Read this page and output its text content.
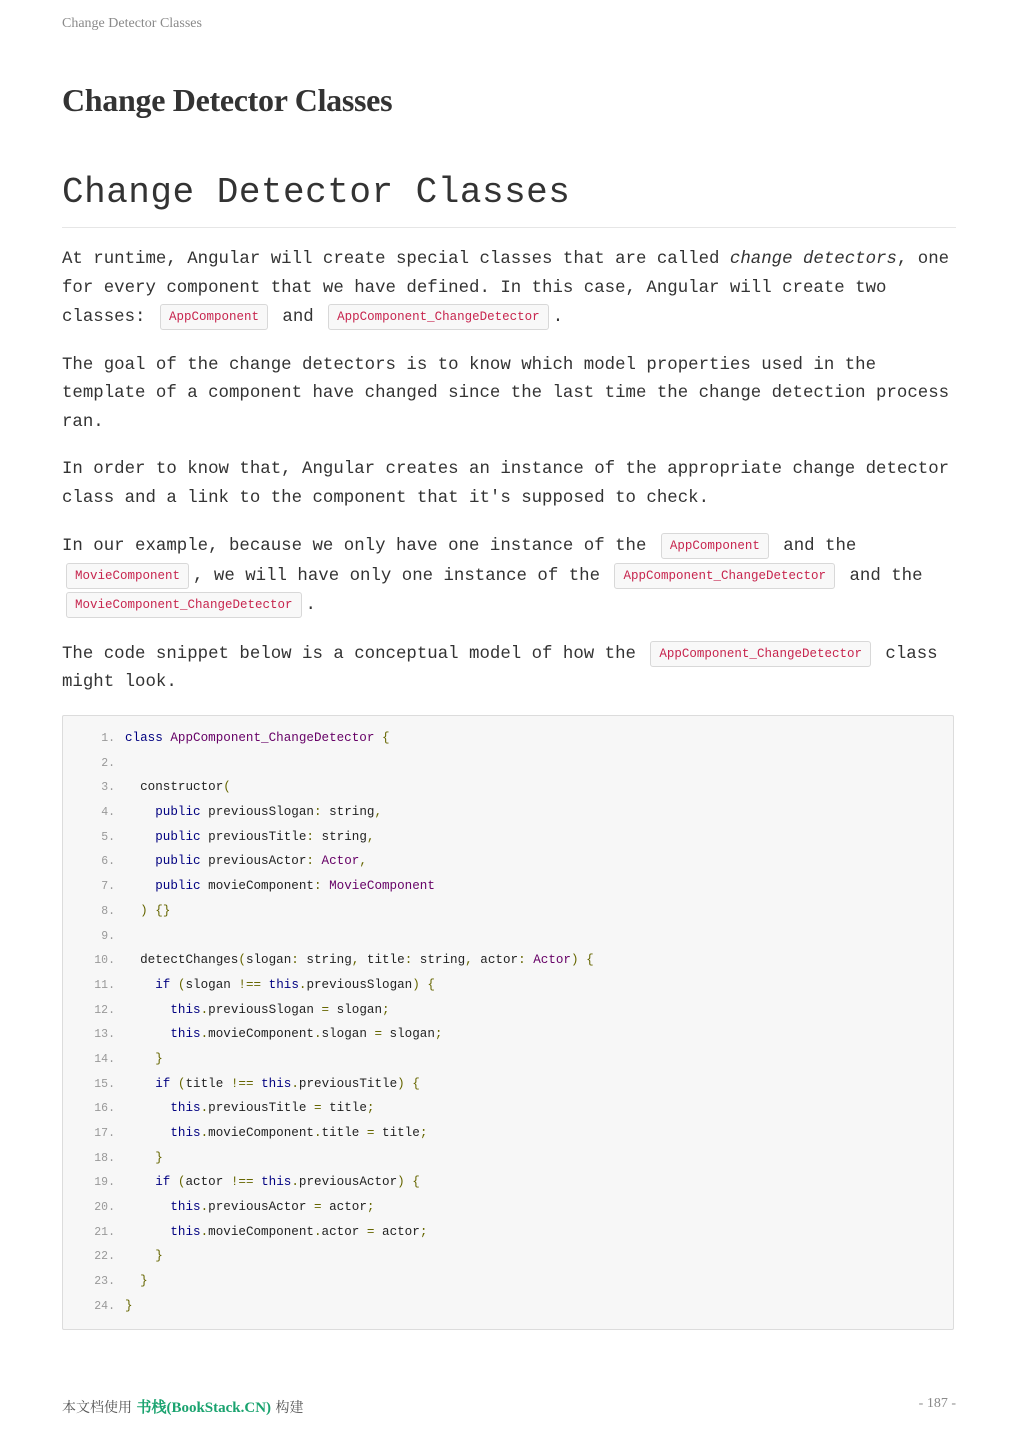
Change Detector Classes
Change Detector Classes
Change Detector Classes

At runtime, Angular will create special classes that are called change detectors, one for every component that we have defined. In this case, Angular will create two classes: AppComponent and AppComponent_ChangeDetector .

The goal of the change detectors is to know which model properties used in the template of a component have changed since the last time the change detection process ran.

In order to know that, Angular creates an instance of the appropriate change detector class and a link to the component that it's supposed to check.

In our example, because we only have one instance of the AppComponent and the MovieComponent , we will have only one instance of the AppComponent_ChangeDetector and the MovieComponent_ChangeDetector .

The code snippet below is a conceptual model of how the AppComponent_ChangeDetector class might look.

1. class AppComponent_ChangeDetector {
2.
3.  constructor(
4.	public previousSlogan: string,
5.	public previousTitle: string,
6.	public previousActor: Actor,
7.	public movieComponent: MovieComponent
8. ) {}
9.
10.  detectChanges(slogan: string, title: string, actor: Actor) {
11.	if (slogan !== this.previousSlogan) {
12.	this.previousSlogan = slogan;
13.	this.movieComponent.slogan = slogan;
14.	}
15.	if (title !== this.previousTitle) {
16.	this.previousTitle = title;
17.	this.movieComponent.title = title;
18.	}
19.	if (actor !== this.previousActor) {
20.	this.previousActor = actor;
21.	this.movieComponent.actor = actor;
22.	}
23. }
24. }
本文档使用 书栈(BookStack.CN) 构建	- 187 -
